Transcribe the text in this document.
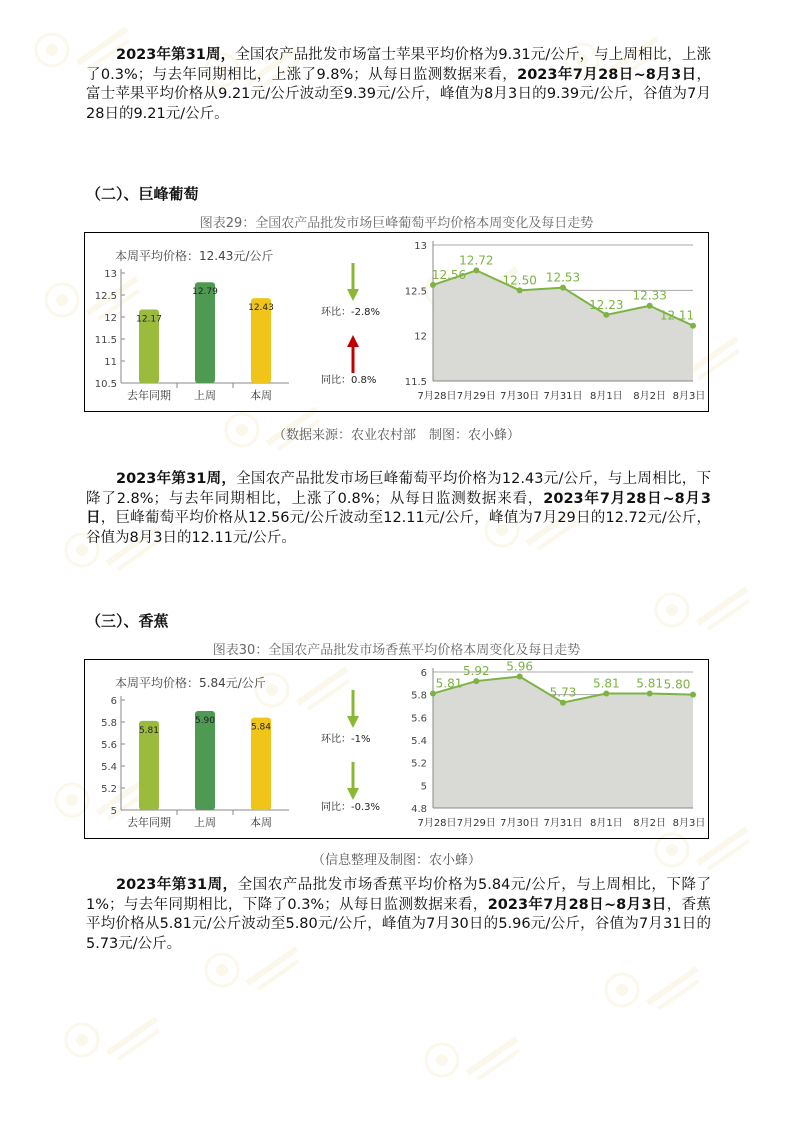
2023年第31周，全国农产品批发市场富士苹果平均价格为9.31元/公斤，与上周相比，上涨了0.3%；与去年同期相比，上涨了9.8%；从每日监测数据来看，2023年7月28日~8月3日，富士苹果平均价格从9.21元/公斤波动至9.39元/公斤，峰值为8月3日的9.39元/公斤，谷值为7月28日的9.21元/公斤。

（二）、巨峰葡萄

图表29：全国农产品批发市场巨峰葡萄平均价格本周变化及每日走势

本周平均价格：12.43元/公斤
10.5
11
11.5
12
12.5
13
12.17
去年同期
12.79
上周
12.43
本周
环比：-2.8%
同比：0.8%	11.5
12
12.5
13
12.56
7月28日
12.72
7月29日
12.50
7月30日
12.53
7月31日
12.23
8月1日
12.33
8月2日
12.11
8月3日

（数据来源：农业农村部　制图：农小蜂）

2023年第31周，全国农产品批发市场巨峰葡萄平均价格为12.43元/公斤，与上周相比，下降了2.8%；与去年同期相比，上涨了0.8%；从每日监测数据来看，2023年7月28日~8月3日，巨峰葡萄平均价格从12.56元/公斤波动至12.11元/公斤，峰值为7月29日的12.72元/公斤，谷值为8月3日的12.11元/公斤。

（三）、香蕉

图表30：全国农产品批发市场香蕉平均价格本周变化及每日走势

本周平均价格：5.84元/公斤
5
5.2
5.4
5.6
5.8
6
5.81
去年同期
5.90
上周
5.84
本周
环比：-1%
同比：-0.3%	4.8
5
5.2
5.4
5.6
5.8
6
5.81
7月28日
5.92
7月29日
5.96
7月30日
5.73
7月31日
5.81
8月1日
5.81
8月2日
5.80
8月3日

（信息整理及制图：农小蜂）

2023年第31周，全国农产品批发市场香蕉平均价格为5.84元/公斤，与上周相比，下降了1%；与去年同期相比，下降了0.3%；从每日监测数据来看，2023年7月28日~8月3日，香蕉平均价格从5.81元/公斤波动至5.80元/公斤，峰值为7月30日的5.96元/公斤，谷值为7月31日的5.73元/公斤。
